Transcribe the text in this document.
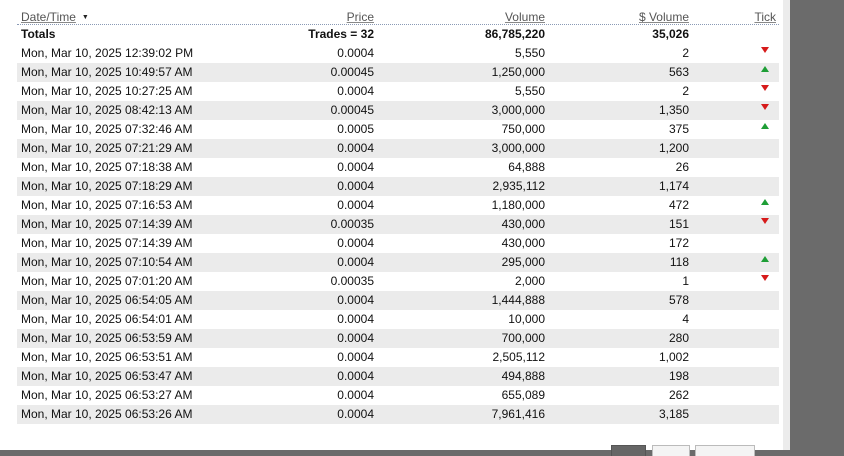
Date/Time ▼	Price	Volume	$ Volume	Tick
Totals	Trades = 32	86,785,220	35,026
Mon, Mar 10, 2025 12:39:02 PM	0.0004	5,550	2
Mon, Mar 10, 2025 10:49:57 AM	0.00045	1,250,000	563
Mon, Mar 10, 2025 10:27:25 AM	0.0004	5,550	2
Mon, Mar 10, 2025 08:42:13 AM	0.00045	3,000,000	1,350
Mon, Mar 10, 2025 07:32:46 AM	0.0005	750,000	375
Mon, Mar 10, 2025 07:21:29 AM	0.0004	3,000,000	1,200
Mon, Mar 10, 2025 07:18:38 AM	0.0004	64,888	26
Mon, Mar 10, 2025 07:18:29 AM	0.0004	2,935,112	1,174
Mon, Mar 10, 2025 07:16:53 AM	0.0004	1,180,000	472
Mon, Mar 10, 2025 07:14:39 AM	0.00035	430,000	151
Mon, Mar 10, 2025 07:14:39 AM	0.0004	430,000	172
Mon, Mar 10, 2025 07:10:54 AM	0.0004	295,000	118
Mon, Mar 10, 2025 07:01:20 AM	0.00035	2,000	1
Mon, Mar 10, 2025 06:54:05 AM	0.0004	1,444,888	578
Mon, Mar 10, 2025 06:54:01 AM	0.0004	10,000	4
Mon, Mar 10, 2025 06:53:59 AM	0.0004	700,000	280
Mon, Mar 10, 2025 06:53:51 AM	0.0004	2,505,112	1,002
Mon, Mar 10, 2025 06:53:47 AM	0.0004	494,888	198
Mon, Mar 10, 2025 06:53:27 AM	0.0004	655,089	262
Mon, Mar 10, 2025 06:53:26 AM	0.0004	7,961,416	3,185
